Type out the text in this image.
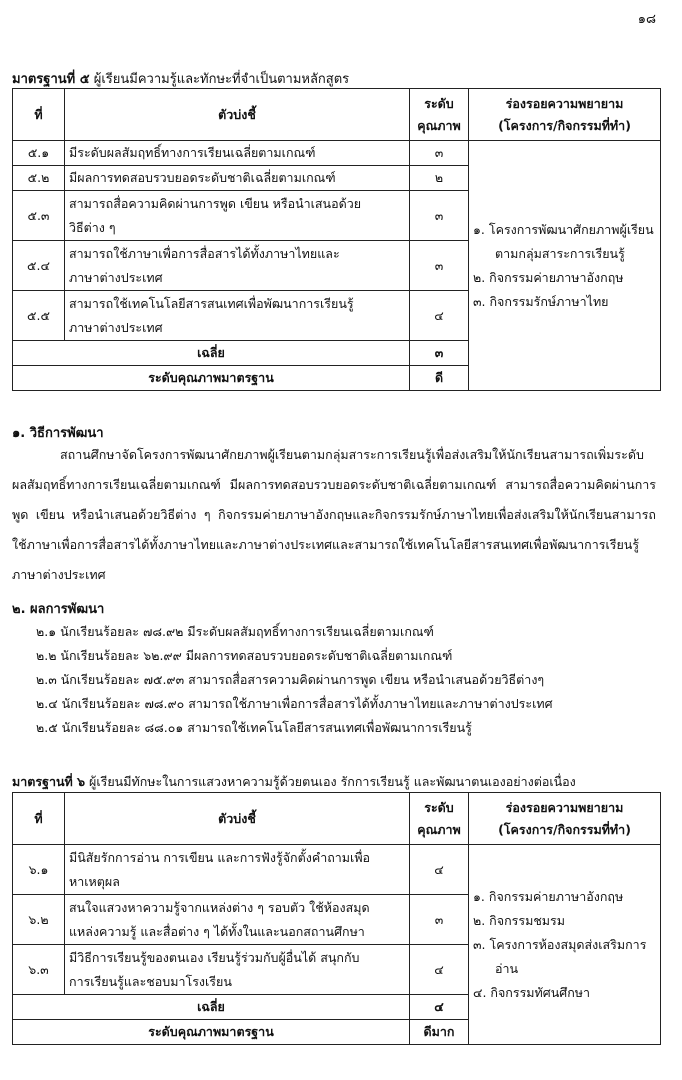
๑๘
มาตรฐานที่ ๕ ผู้เรียนมีความรู้และทักษะที่จำเป็นตามหลักสูตร
ที่	ตัวบ่งชี้	ระดับ
คุณภาพ	ร่องรอยความพยายาม
(โครงการ/กิจกรรมที่ทำ)
๕.๑	มีระดับผลสัมฤทธิ์ทางการเรียนเฉลี่ยตามเกณฑ์	๓	๑. โครงการพัฒนาศักยภาพผู้เรียนตามกลุ่มสาระการเรียนรู้
๒. กิจกรรมค่ายภาษาอังกฤษ
๓. กิจกรรมรักษ์ภาษาไทย

๕.๒	มีผลการทดสอบรวบยอดระดับชาติเฉลี่ยตามเกณฑ์	๒	
๕.๓	สามารถสื่อความคิดผ่านการพูด เขียน หรือนำเสนอด้วย
วิธีต่าง ๆ	๓	
๕.๔	สามารถใช้ภาษาเพื่อการสื่อสารได้ทั้งภาษาไทยและ
ภาษาต่างประเทศ	๓	
๕.๕	สามารถใช้เทคโนโลยีสารสนเทศเพื่อพัฒนาการเรียนรู้
ภาษาต่างประเทศ	๔	
เฉลี่ย		๓	
ระดับคุณภาพมาตรฐาน		ดี	
๑. วิธีการพัฒนา
สถานศึกษาจัดโครงการพัฒนาศักยภาพผู้เรียนตามกลุ่มสาระการเรียนรู้เพื่อส่งเสริมให้นักเรียนสามารถเพิ่มระดับผลสัมฤทธิ์ทางการเรียนเฉลี่ยตามเกณฑ์ มีผลการทดสอบรวบยอดระดับชาติเฉลี่ยตามเกณฑ์ สามารถสื่อความคิดผ่านการพูด เขียน หรือนำเสนอด้วยวิธีต่าง ๆ กิจกรรมค่ายภาษาอังกฤษและกิจกรรมรักษ์ภาษาไทยเพื่อส่งเสริมให้นักเรียนสามารถใช้ภาษาเพื่อการสื่อสารได้ทั้งภาษาไทยและภาษาต่างประเทศและสามารถใช้เทคโนโลยีสารสนเทศเพื่อพัฒนาการเรียนรู้ภาษาต่างประเทศ
๒. ผลการพัฒนา
๒.๑ นักเรียนร้อยละ ๗๘.๙๒ มีระดับผลสัมฤทธิ์ทางการเรียนเฉลี่ยตามเกณฑ์
๒.๒ นักเรียนร้อยละ ๖๒.๙๙ มีผลการทดสอบรวบยอดระดับชาติเฉลี่ยตามเกณฑ์
๒.๓ นักเรียนร้อยละ ๗๕.๙๓ สามารถสื่อสารความคิดผ่านการพูด เขียน หรือนำเสนอด้วยวิธีต่างๆ
๒.๔ นักเรียนร้อยละ ๗๘.๙๐ สามารถใช้ภาษาเพื่อการสื่อสารได้ทั้งภาษาไทยและภาษาต่างประเทศ
๒.๕ นักเรียนร้อยละ ๘๘.๐๑ สามารถใช้เทคโนโลยีสารสนเทศเพื่อพัฒนาการเรียนรู้
มาตรฐานที่ ๖ ผู้เรียนมีทักษะในการแสวงหาความรู้ด้วยตนเอง รักการเรียนรู้ และพัฒนาตนเองอย่างต่อเนื่อง
ที่	ตัวบ่งชี้	ระดับ
คุณภาพ	ร่องรอยความพยายาม
(โครงการ/กิจกรรมที่ทำ)
๖.๑	มีนิสัยรักการอ่าน การเขียน และการฟังรู้จักตั้งคำถามเพื่อ
หาเหตุผล	๔	๑. กิจกรรมค่ายภาษาอังกฤษ
๒. กิจกรรมชมรม
๓. โครงการห้องสมุดส่งเสริมการอ่าน
๔. กิจกรรมทัศนศึกษา

๖.๒	สนใจแสวงหาความรู้จากแหล่งต่าง ๆ รอบตัว ใช้ห้องสมุด
แหล่งความรู้ และสื่อต่าง ๆ ได้ทั้งในและนอกสถานศึกษา	๓	
๖.๓	มีวิธีการเรียนรู้ของตนเอง เรียนรู้ร่วมกับผู้อื่นได้ สนุกกับ
การเรียนรู้และชอบมาโรงเรียน	๔	
เฉลี่ย		๔	
ระดับคุณภาพมาตรฐาน		ดีมาก	
